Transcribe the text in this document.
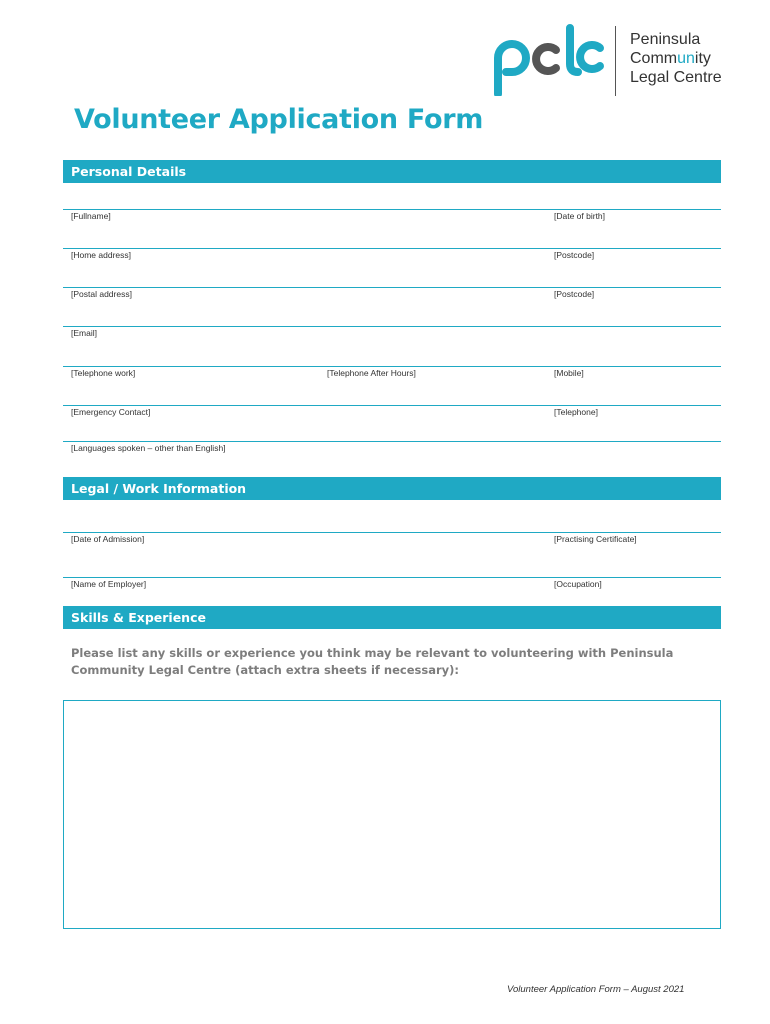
Peninsula
Community
Legal Centre
Volunteer Application Form
Personal Details
[Fullname]	[Date of birth]
[Home address]	[Postcode]
[Postal address]	[Postcode]
[Email]
[Telephone work]	[Telephone After Hours]	[Mobile]
[Emergency Contact]	[Telephone]
[Languages spoken – other than English]
Legal / Work Information
[Date of Admission]	[Practising Certificate]
[Name of Employer]	[Occupation]
Skills & Experience

Please list any skills or experience you think may be relevant to volunteering with Peninsula Community Legal Centre (attach extra sheets if necessary):

Volunteer Application Form – August 2021
